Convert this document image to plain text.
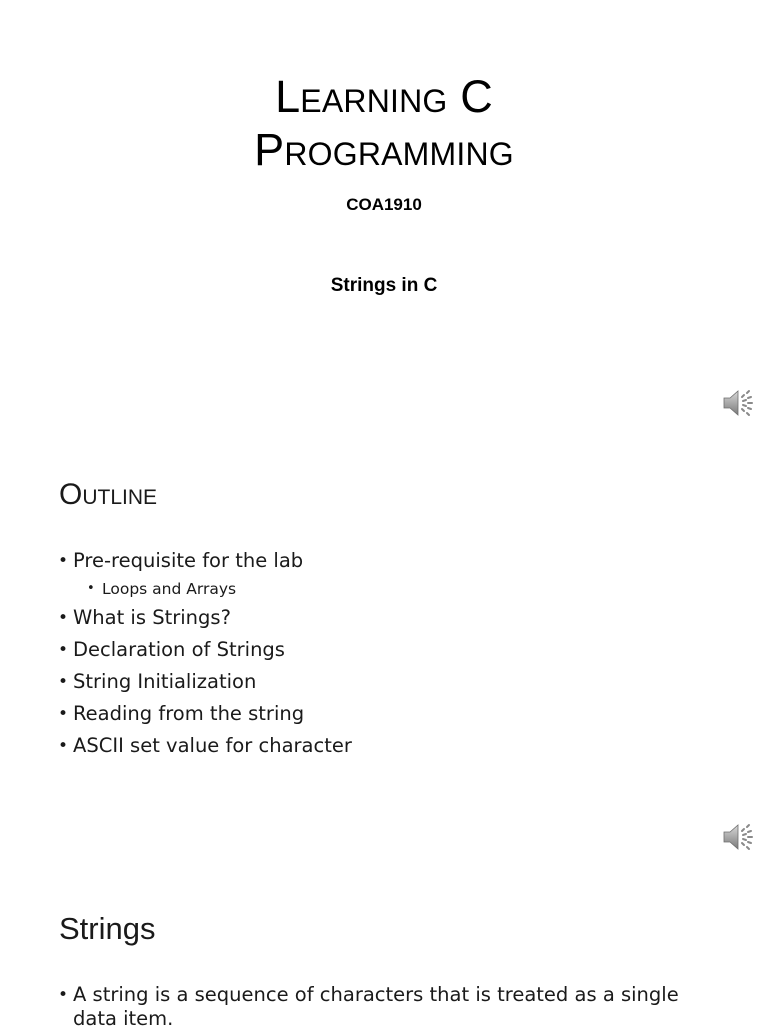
Learning C
Programming
COA1910
Strings in C
Outline
• Pre-requisite for the lab
• Loops and Arrays
• What is Strings?
• Declaration of Strings
• String Initialization
• Reading from the string
• ASCII set value for character
Strings
• A string is a sequence of characters that is treated as a single data item.
